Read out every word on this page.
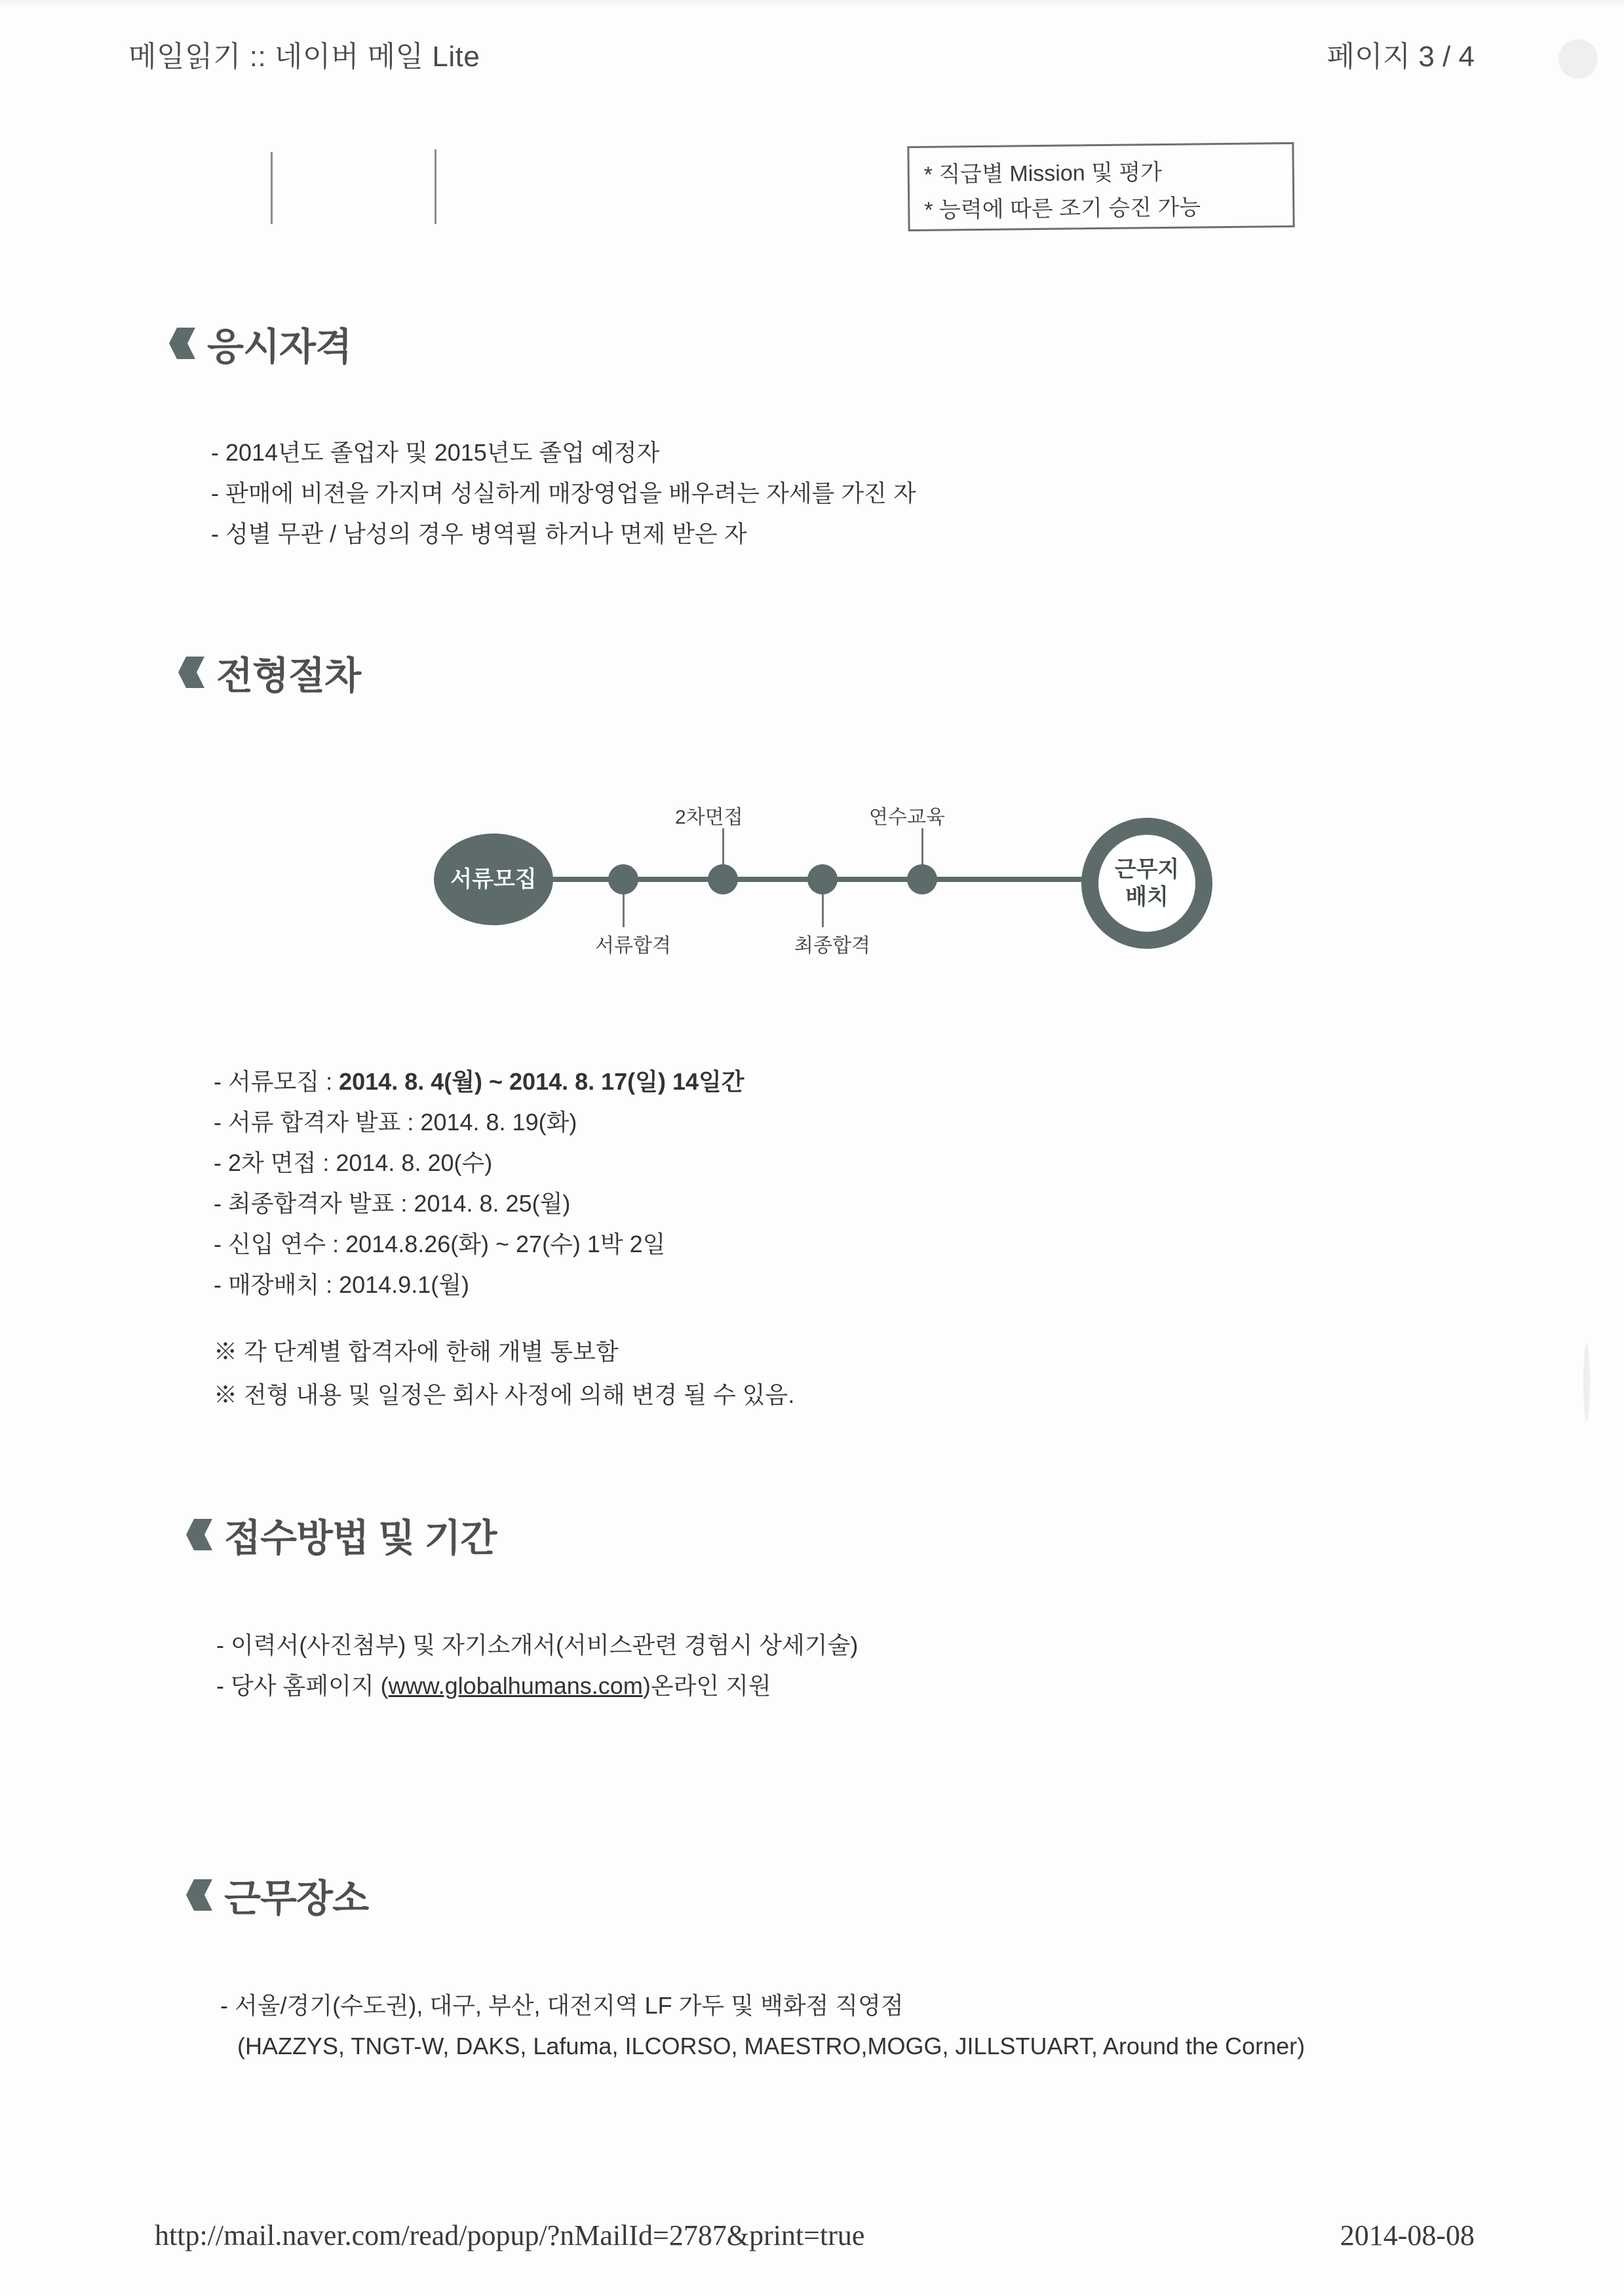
메일읽기 :: 네이버 메일 Lite	페이지 3 / 4
* 직급별 Mission 및 평가
* 능력에 따른 조기 승진 가능
응시자격
- 2014년도 졸업자 및 2015년도 졸업 예정자
- 판매에 비젼을 가지며 성실하게 매장영업을 배우려는 자세를 가진 자
- 성별 무관 / 남성의 경우 병역필 하거나 면제 받은 자
전형절차
서류모집
2차면접	연수교육
서류합격	최종합격
근무지
배치
- 서류모집 : 2014. 8. 4(월) ~ 2014. 8. 17(일) 14일간
- 서류 합격자 발표 : 2014. 8. 19(화)
- 2차 면접 : 2014. 8. 20(수)
- 최종합격자 발표 : 2014. 8. 25(월)
- 신입 연수 : 2014.8.26(화) ~ 27(수) 1박 2일
- 매장배치 : 2014.9.1(월)
※ 각 단계별 합격자에 한해 개별 통보함
※ 전형 내용 및 일정은 회사 사정에 의해 변경 될 수 있음.
접수방법 및 기간
- 이력서(사진첨부) 및 자기소개서(서비스관련 경험시 상세기술)
- 당사 홈페이지 (www.globalhumans.com)온라인 지원
근무장소
- 서울/경기(수도권), 대구, 부산, 대전지역 LF 가두 및 백화점 직영점
(HAZZYS, TNGT-W, DAKS, Lafuma, ILCORSO, MAESTRO,MOGG, JILLSTUART, Around the Corner)
http://mail.naver.com/read/popup/?nMailId=2787&print=true	2014-08-08
